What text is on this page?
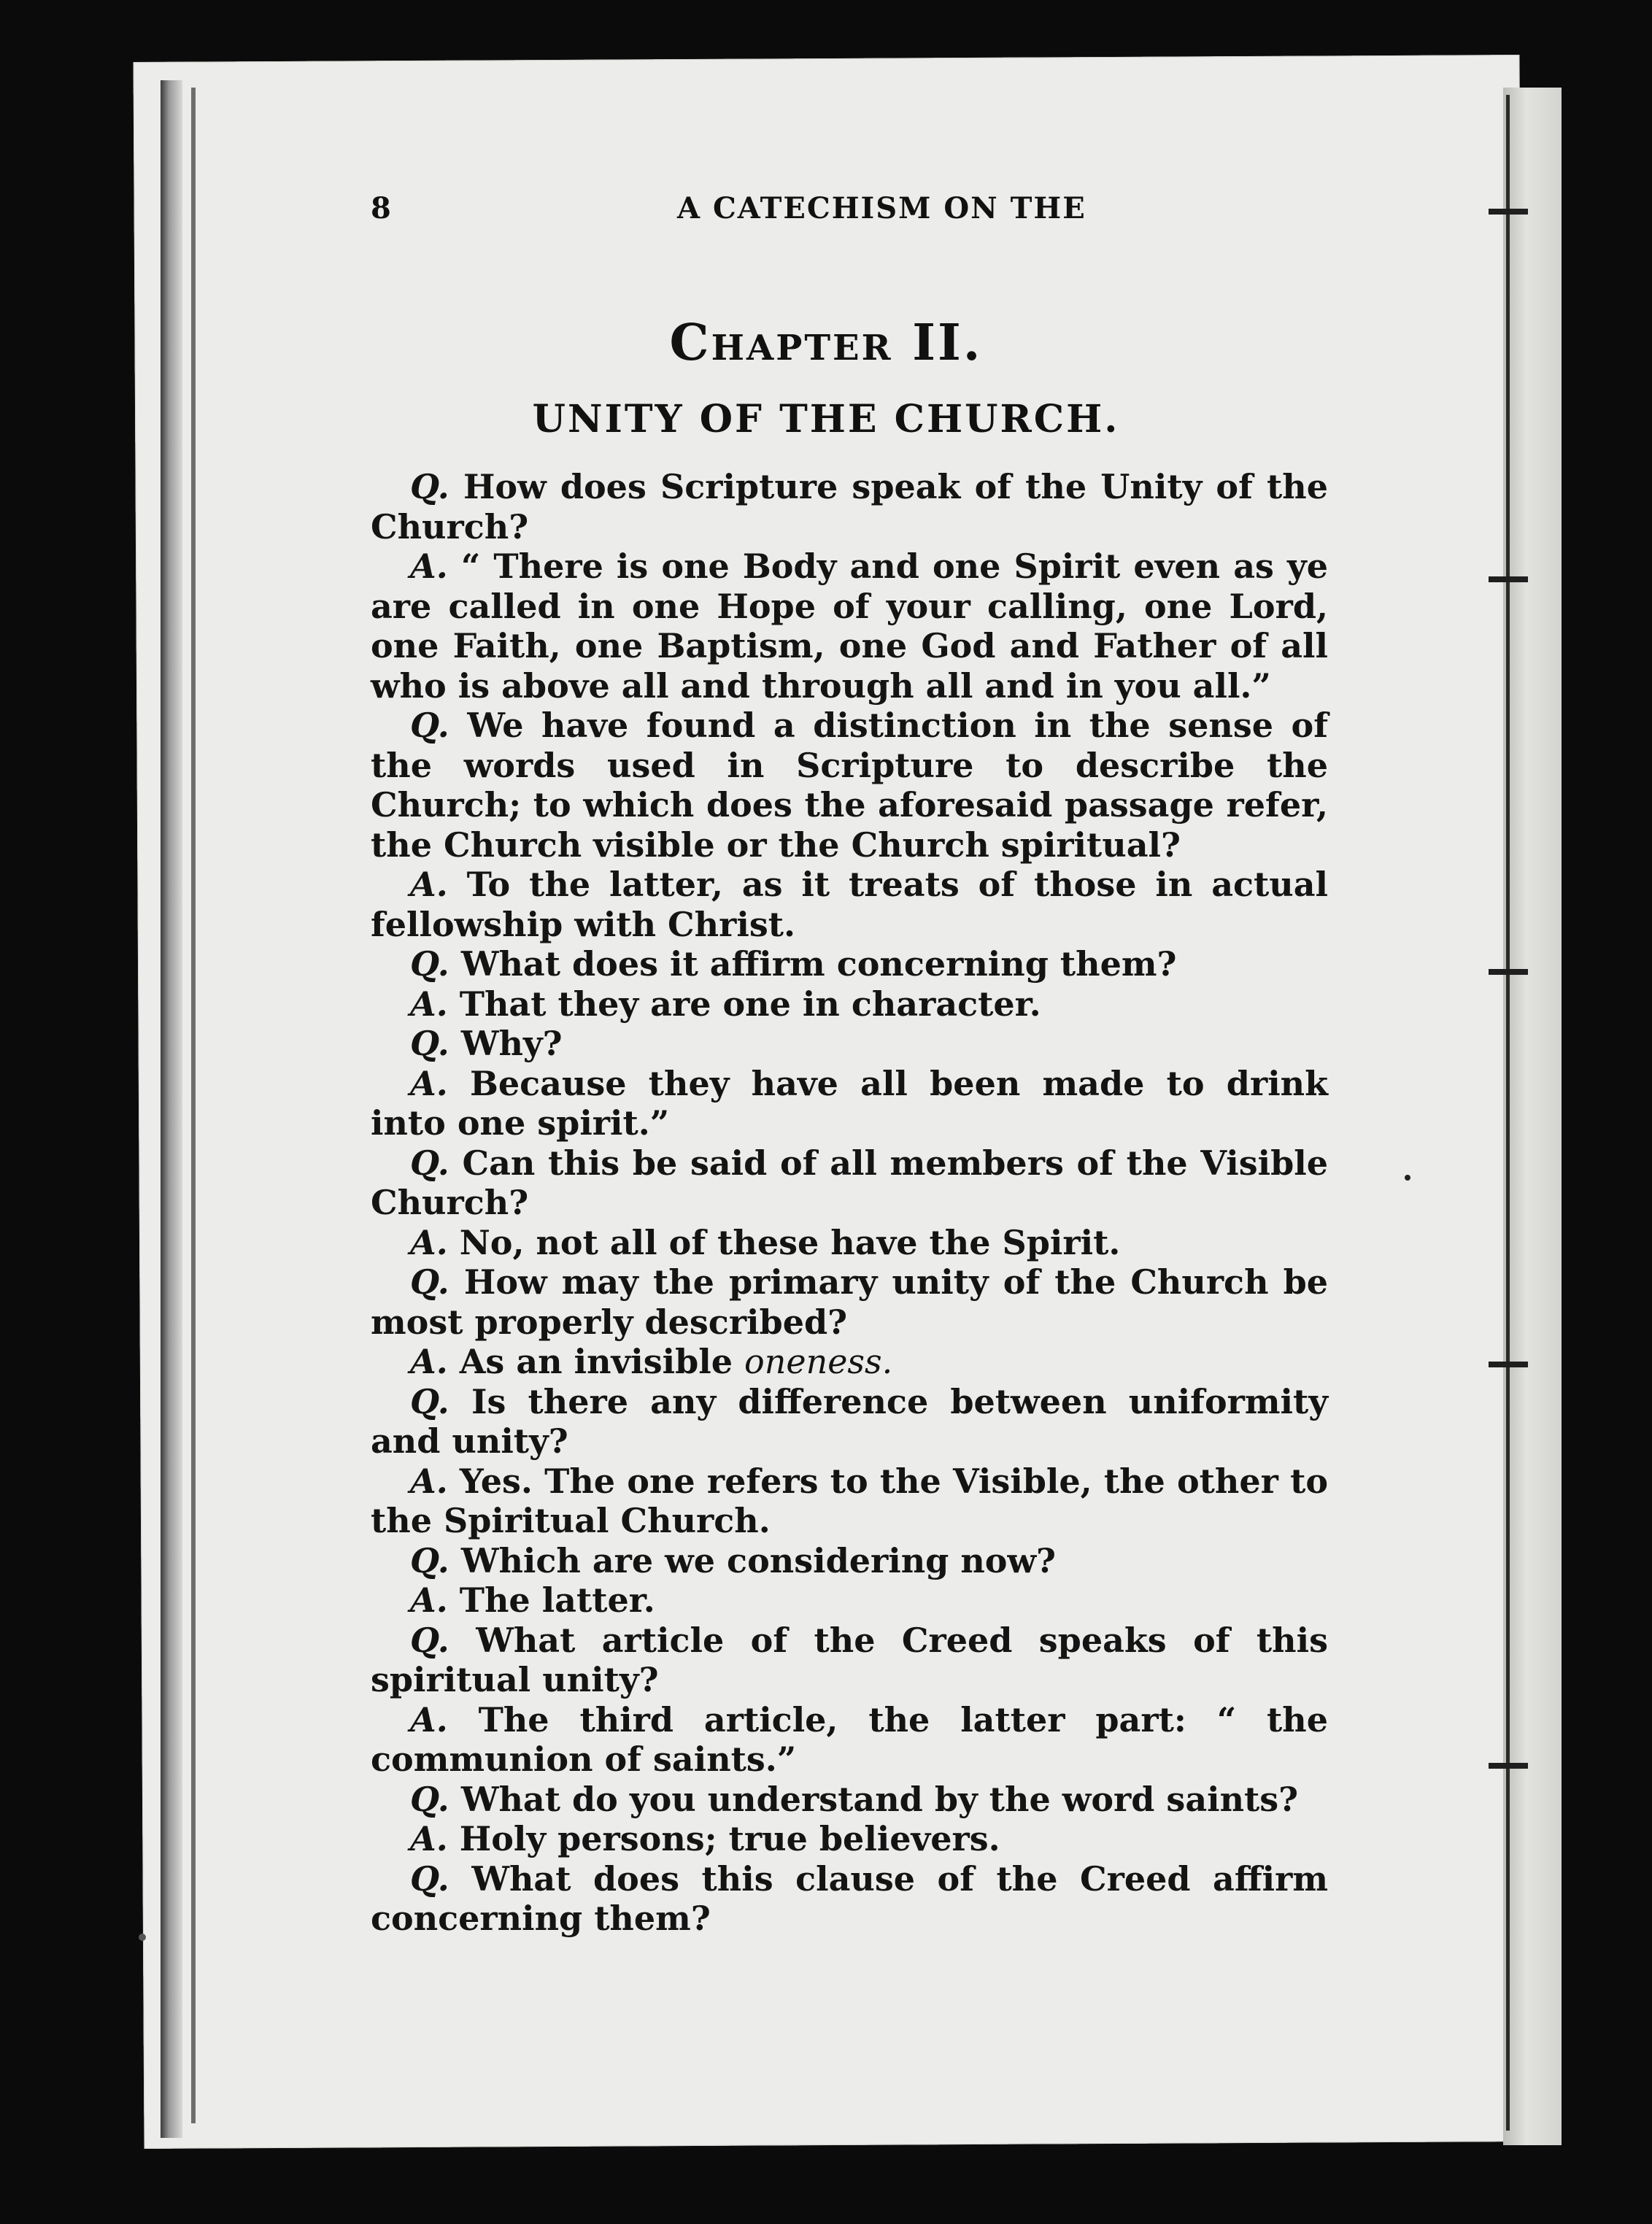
8	A CATECHISM ON THE
Chapter II.
UNITY OF THE CHURCH.

Q. How does Scripture speak of the Unity of the Church?

A. “ There is one Body and one Spirit even as ye are called in one Hope of your calling, one Lord, one Faith, one Baptism, one God and Father of all who is above all and through all and in you all.”

Q. We have found a distinction in the sense of the words used in Scripture to describe the Church; to which does the aforesaid passage refer, the Church visible or the Church spiritual?

A. To the latter, as it treats of those in actual fellowship with Christ.

Q. What does it affirm concerning them?

A. That they are one in character.

Q. Why?

A. Because they have all been made to drink into one spirit.”

Q. Can this be said of all members of the Visible Church?

A. No, not all of these have the Spirit.

Q. How may the primary unity of the Church be most properly described?

A. As an invisible oneness.

Q. Is there any difference between uniformity and unity?

A. Yes. The one refers to the Visible, the other to the Spiritual Church.

Q. Which are we considering now?

A. The latter.

Q. What article of the Creed speaks of this spiritual unity?

A. The third article, the latter part: “ the communion of saints.”

Q. What do you understand by the word saints?

A. Holy persons; true believers.

Q. What does this clause of the Creed affirm concerning them?
